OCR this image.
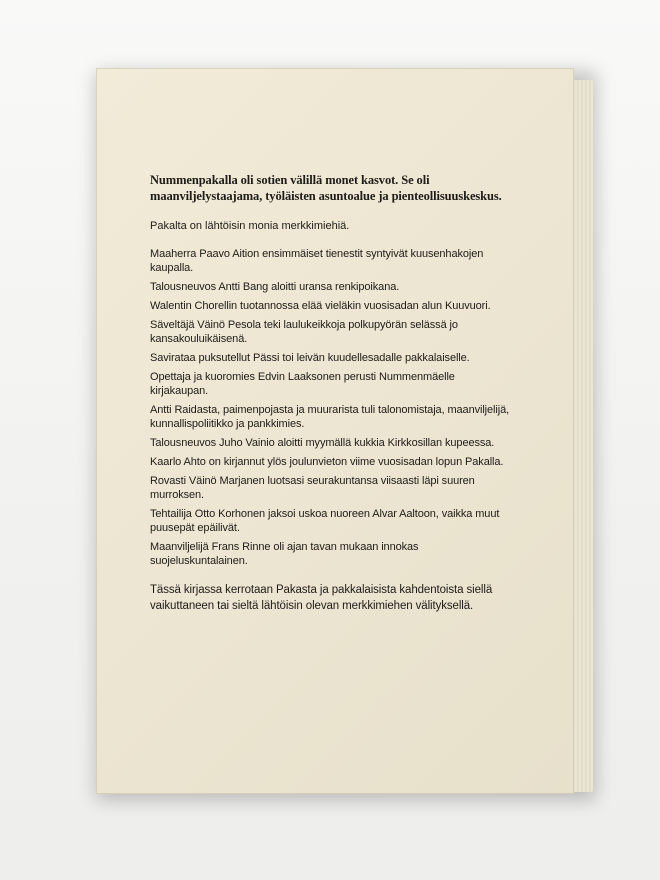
Nummenpakalla oli sotien välillä monet kasvot. Se oli maanviljelystaajama, työläisten asuntoalue ja pienteollisuuskeskus.

Pakalta on lähtöisin monia merkkimiehiä.

Maaherra Paavo Aition ensimmäiset tienestit syntyivät kuusenhakojen kaupalla.
Talousneuvos Antti Bang aloitti uransa renkipoikana.
Walentin Chorellin tuotannossa elää vieläkin vuosisadan alun Kuuvuori.
Säveltäjä Väinö Pesola teki laulukeikkoja polkupyörän selässä jo kansakouluikäisenä.
Savirataa puksutellut Pässi toi leivän kuudellesadalle pakkalaiselle.
Opettaja ja kuoromies Edvin Laaksonen perusti Nummenmäelle kirjakaupan.
Antti Raidasta, paimenpojasta ja muurarista tuli talonomistaja, maanviljelijä, kunnallispoliitikko ja pankkimies.
Talousneuvos Juho Vainio aloitti myymällä kukkia Kirkkosillan kupeessa.
Kaarlo Ahto on kirjannut ylös joulunvieton viime vuosisadan lopun Pakalla.
Rovasti Väinö Marjanen luotsasi seurakuntansa viisaasti läpi suuren murroksen.
Tehtailija Otto Korhonen jaksoi uskoa nuoreen Alvar Aaltoon, vaikka muut puusepät epäilivät.
Maanviljelijä Frans Rinne oli ajan tavan mukaan innokas suojeluskuntalainen.

Tässä kirjassa kerrotaan Pakasta ja pakkalaisista kahdentoista siellä vaikuttaneen tai sieltä lähtöisin olevan merkkimiehen välityksellä.
